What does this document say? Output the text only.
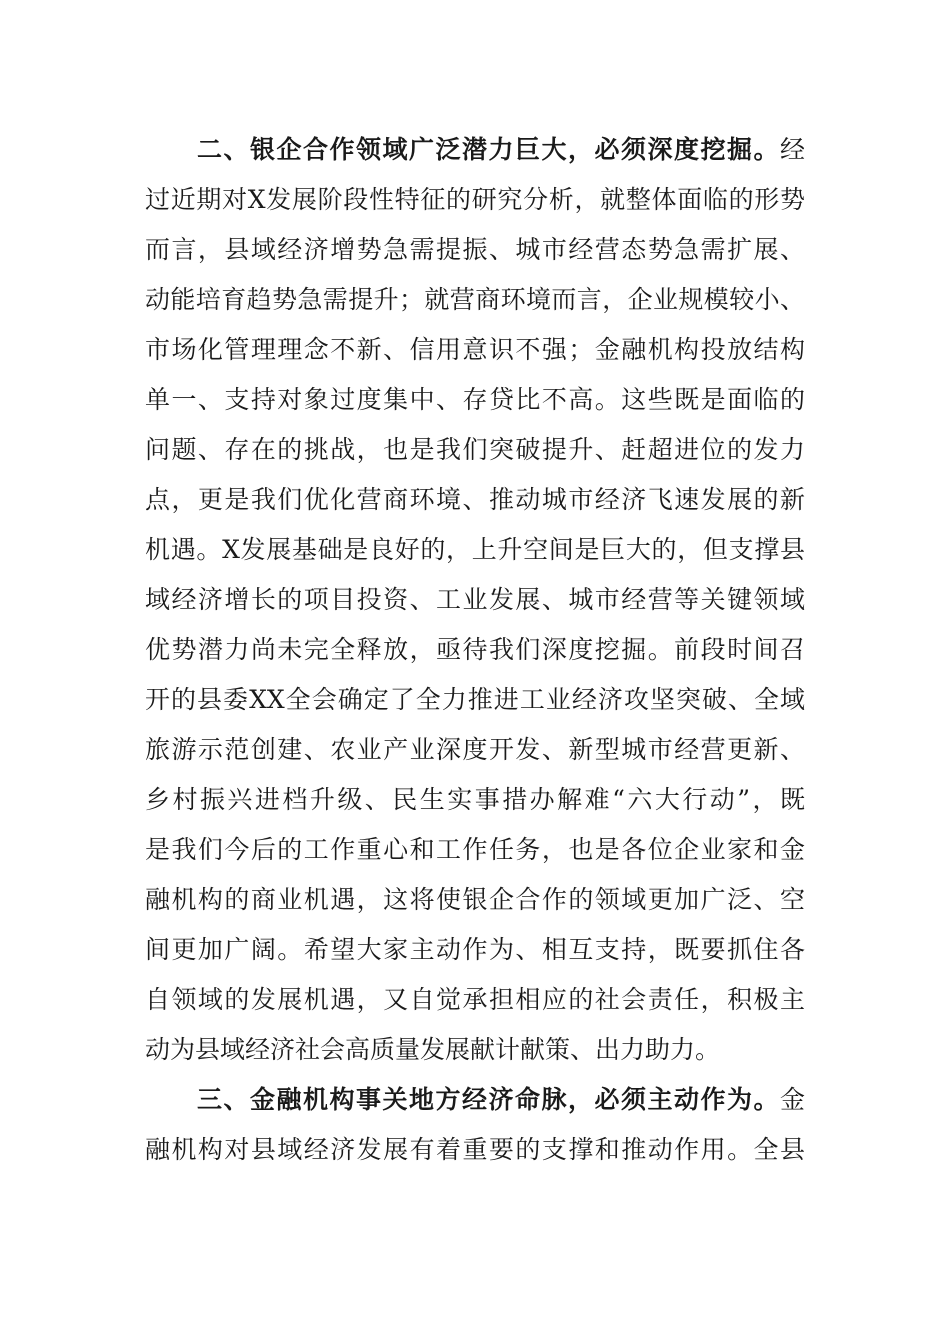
二、银企合作领域广泛潜力巨大，必须深度挖掘。经
过近期对X发展阶段性特征的研究分析，就整体面临的形势
而言，县域经济增势急需提振、城市经营态势急需扩展、
动能培育趋势急需提升；就营商环境而言，企业规模较小、
市场化管理理念不新、信用意识不强；金融机构投放结构
单一、支持对象过度集中、存贷比不高。这些既是面临的
问题、存在的挑战，也是我们突破提升、赶超进位的发力
点，更是我们优化营商环境、推动城市经济飞速发展的新
机遇。X发展基础是良好的，上升空间是巨大的，但支撑县
域经济增长的项目投资、工业发展、城市经营等关键领域
优势潜力尚未完全释放，亟待我们深度挖掘。前段时间召
开的县委XX全会确定了全力推进工业经济攻坚突破、全域
旅游示范创建、农业产业深度开发、新型城市经营更新、
乡村振兴进档升级、民生实事措办解难“六大行动”，既
是我们今后的工作重心和工作任务，也是各位企业家和金
融机构的商业机遇，这将使银企合作的领域更加广泛、空
间更加广阔。希望大家主动作为、相互支持，既要抓住各
自领域的发展机遇，又自觉承担相应的社会责任，积极主
动为县域经济社会高质量发展献计献策、出力助力。
三、金融机构事关地方经济命脉，必须主动作为。金
融机构对县域经济发展有着重要的支撑和推动作用。全县
